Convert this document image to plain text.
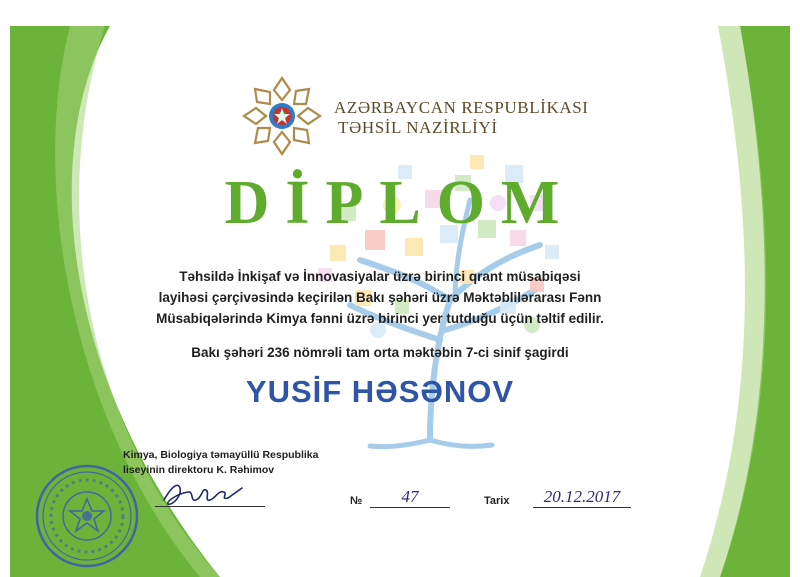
AZƏRBAYCAN RESPUBLİKASI
TƏHSİL NAZİRLİYİ
DİPLOM
Təhsildə İnkişaf və İnnovasiyalar üzrə birinci qrant müsabiqəsi
layihəsi çərçivəsində keçirilən Bakı şəhəri üzrə Məktəblilərarası Fənn
Müsabiqələrində Kimya fənni üzrə birinci yer tutduğu üçün təltif edilir.
Bakı şəhəri 236 nömrəli tam orta məktəbin 7-ci sinif şagirdi
YUSİF HƏSƏNOV
Kimya, Biologiya təmayüllü Respublika
liseyinin direktoru K. Rəhimov
№	47	Tarix	20.12.2017
